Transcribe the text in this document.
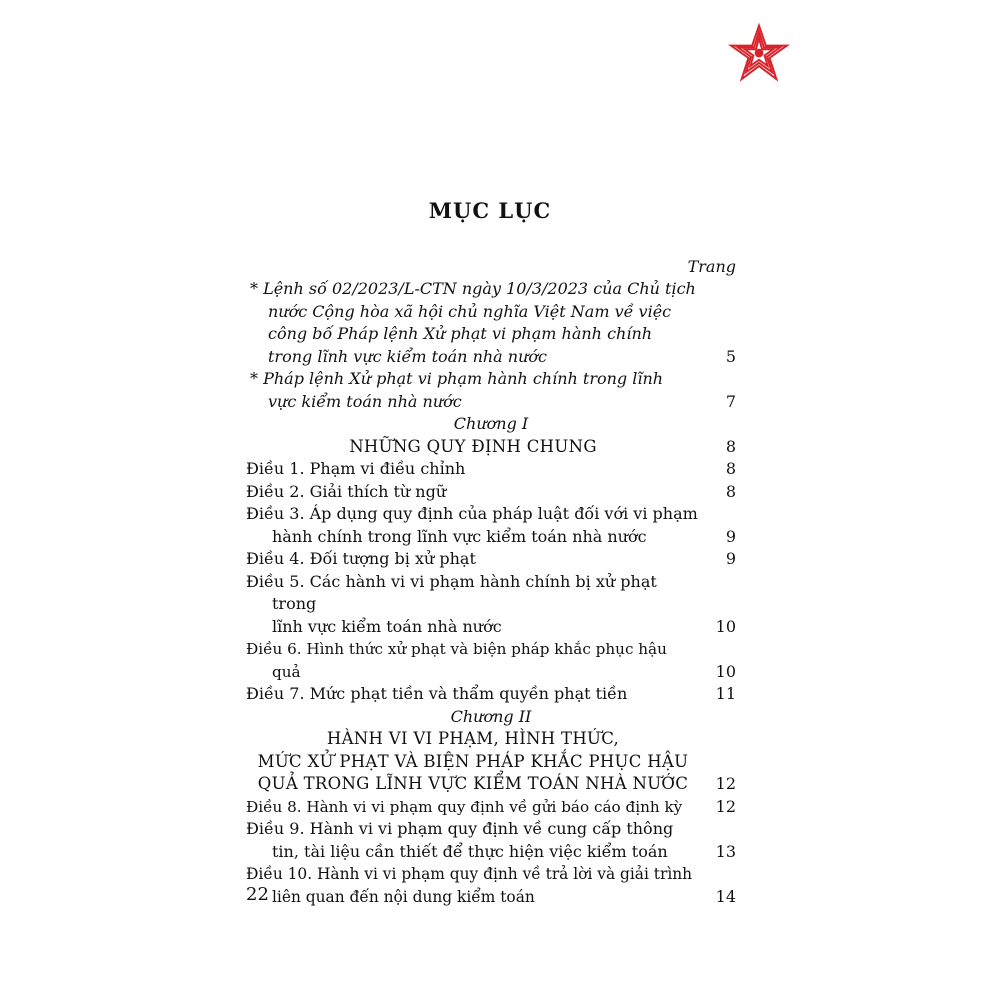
MỤC LỤC
Trang
* Lệnh số 02/2023/L-CTN ngày 10/3/2023 của Chủ tịch
nước Cộng hòa xã hội chủ nghĩa Việt Nam về việc
công bố Pháp lệnh Xử phạt vi phạm hành chính
trong lĩnh vực kiểm toán nhà nước	5
* Pháp lệnh Xử phạt vi phạm hành chính trong lĩnh
vực kiểm toán nhà nước	7
Chương I
NHỮNG QUY ĐỊNH CHUNG	8
Điều 1. Phạm vi điều chỉnh	8
Điều 2. Giải thích từ ngữ	8
Điều 3. Áp dụng quy định của pháp luật đối với vi phạm
hành chính trong lĩnh vực kiểm toán nhà nước	9
Điều 4. Đối tượng bị xử phạt	9
Điều 5. Các hành vi vi phạm hành chính bị xử phạt trong
lĩnh vực kiểm toán nhà nước	10
Điều 6. Hình thức xử phạt và biện pháp khắc phục hậu quả	10
Điều 7. Mức phạt tiền và thẩm quyền phạt tiền	11
Chương II
HÀNH VI VI PHẠM, HÌNH THỨC,
MỨC XỬ PHẠT VÀ BIỆN PHÁP KHẮC PHỤC HẬU
QUẢ TRONG LĨNH VỰC KIỂM TOÁN NHÀ NƯỚC	12
Điều 8. Hành vi vi phạm quy định về gửi báo cáo định kỳ	12
Điều 9. Hành vi vi phạm quy định về cung cấp thông
tin, tài liệu cần thiết để thực hiện việc kiểm toán	13
Điều 10. Hành vi vi phạm quy định về trả lời và giải trình
liên quan đến nội dung kiểm toán	14
22
